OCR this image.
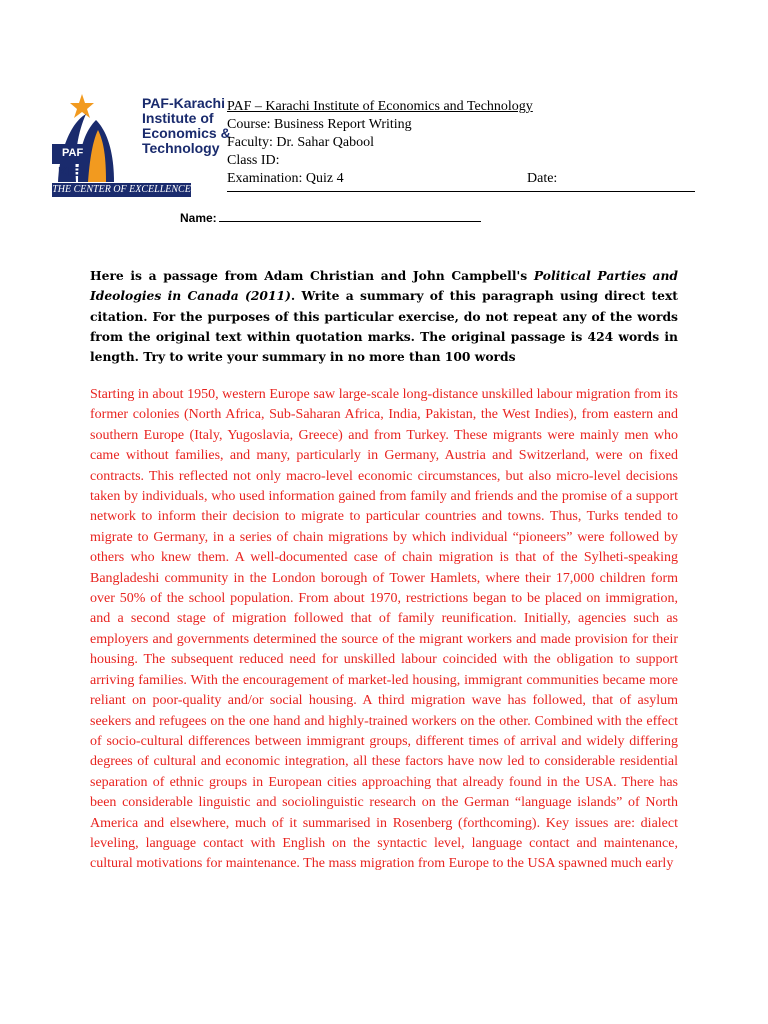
PAF
KIET
PAF-Karachi
Institute of
Economics &
Technology
THE CENTER OF EXCELLENCE
PAF – Karachi Institute of Economics and Technology
Course: Business Report Writing
Faculty: Dr. Sahar Qabool
Class ID:
Examination: Quiz 4	Date:
Name:
Here is a passage from Adam Christian and John Campbell's Political Parties and Ideologies in Canada (2011). Write a summary of this paragraph using direct text citation. For the purposes of this particular exercise, do not repeat any of the words from the original text within quotation marks. The original passage is 424 words in length. Try to write your summary in no more than 100 words
Starting in about 1950, western Europe saw large-scale long-distance unskilled labour migration from its former colonies (North Africa, Sub-Saharan Africa, India, Pakistan, the West Indies), from eastern and southern Europe (Italy, Yugoslavia, Greece) and from Turkey. These migrants were mainly men who came without families, and many, particularly in Germany, Austria and Switzerland, were on fixed contracts. This reflected not only macro-level economic circumstances, but also micro-level decisions taken by individuals, who used information gained from family and friends and the promise of a support network to inform their decision to migrate to particular countries and towns. Thus, Turks tended to migrate to Germany, in a series of chain migrations by which individual “pioneers” were followed by others who knew them. A well-documented case of chain migration is that of the Sylheti-speaking Bangladeshi community in the London borough of Tower Hamlets, where their 17,000 children form over 50% of the school population. From about 1970, restrictions began to be placed on immigration, and a second stage of migration followed that of family reunification. Initially, agencies such as employers and governments determined the source of the migrant workers and made provision for their housing. The subsequent reduced need for unskilled labour coincided with the obligation to support arriving families. With the encouragement of market-led housing, immigrant communities became more reliant on poor-quality and/or social housing. A third migration wave has followed, that of asylum seekers and refugees on the one hand and highly-trained workers on the other. Combined with the effect of socio-cultural differences between immigrant groups, different times of arrival and widely differing degrees of cultural and economic integration, all these factors have now led to considerable residential separation of ethnic groups in European cities approaching that already found in the USA. There has been considerable linguistic and sociolinguistic research on the German “language islands” of North America and elsewhere, much of it summarised in Rosenberg (forthcoming). Key issues are: dialect leveling, language contact with English on the syntactic level, language contact and maintenance, cultural motivations for maintenance. The mass migration from Europe to the USA spawned much early
